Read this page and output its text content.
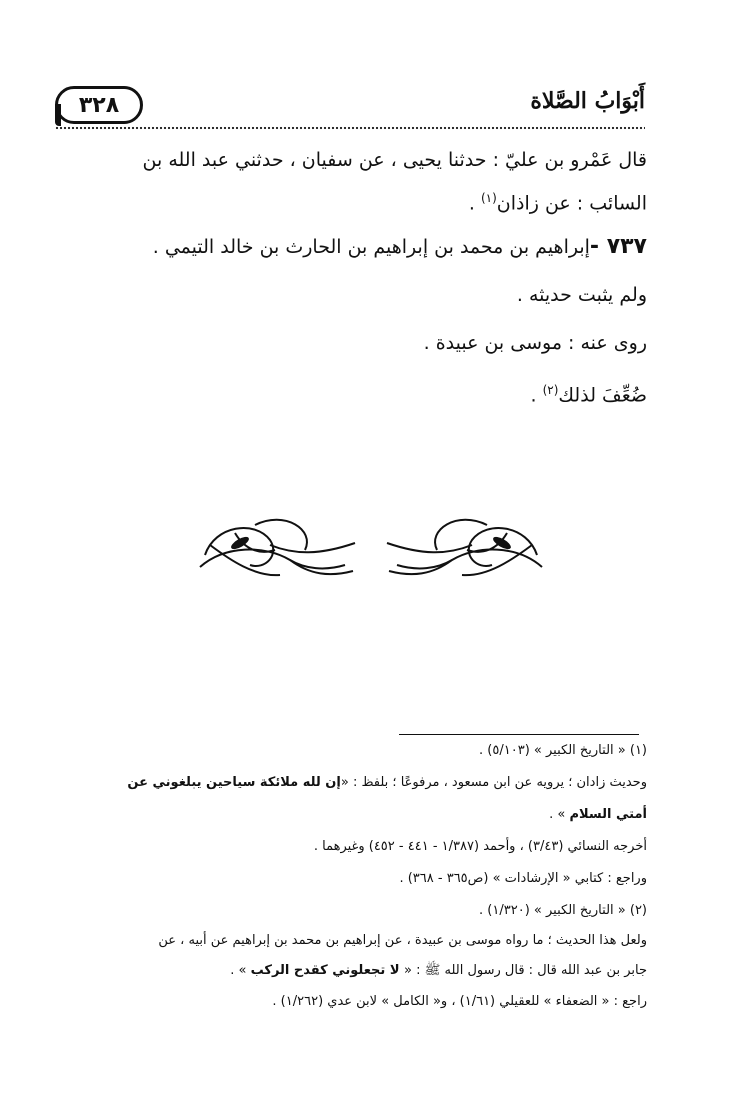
٣٢٨	أَبْوَابُ الصَّلاة
قال عَمْرو بن عليّ : حدثنا يحيى ، عن سفيان ، حدثني عبد الله بن
السائب : عن زاذان$^{(١)}$ .
٧٣٧ -إبراهيم بن محمد بن إبراهيم بن الحارث بن خالد التيمي .
ولم يثبت حديثه .
روى عنه : موسى بن عبيدة .
ضُعِّفَ لذلك$^{(٢)}$ .
(١) « التاريخ الكبير » (٥/١٠٣) .
وحديث زادان ؛ يرويه عن ابن مسعود ، مرفوعًا ؛ بلفظ : «إن لله ملائكة سياحين يبلغوني عن
أمتي السلام » .
أخرجه النسائي (٣/٤٣) ، وأحمد (١/٣٨٧ - ٤٤١ - ٤٥٢) وغيرهما .
وراجع : كتابي « الإرشادات » (ص٣٦٥ - ٣٦٨) .
(٢) « التاريخ الكبير » (١/٣٢٠) .
ولعل هذا الحديث ؛ ما رواه موسى بن عبيدة ، عن إبراهيم بن محمد بن إبراهيم عن أبيه ، عن
جابر بن عبد الله قال : قال رسول الله ﷺ : « لا تجعلوني كقدح الركب » .
راجع : « الضعفاء » للعقيلي (١/٦١) ، و« الكامل » لابن عدي (١/٢٦٢) .
